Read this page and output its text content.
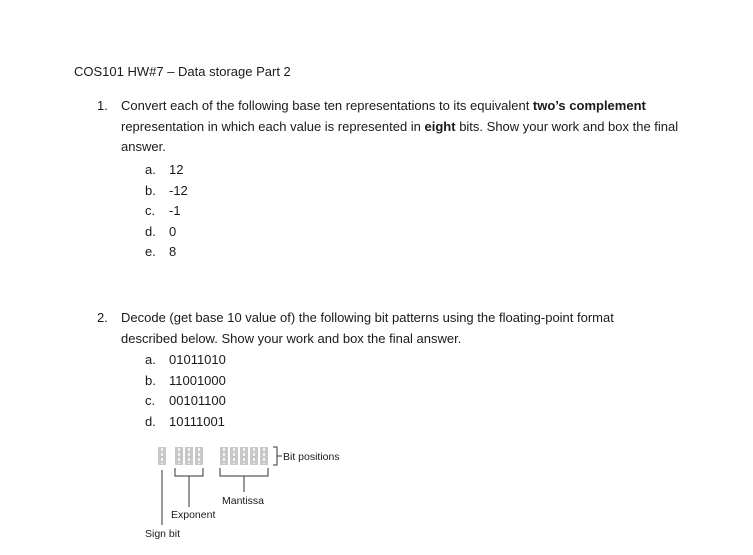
COS101 HW#7 – Data storage Part 2
1. Convert each of the following base ten representations to its equivalent two’s complement representation in which each value is represented in eight bits. Show your work and box the final answer.
a. 12
b. -12
c. -1
d. 0
e. 8
2. Decode (get base 10 value of) the following bit patterns using the floating-point format described below. Show your work and box the final answer.
a. 01011010
b. 11001000
c. 00101100
d. 10111001
Bit positions
Mantissa
Exponent
Sign bit
